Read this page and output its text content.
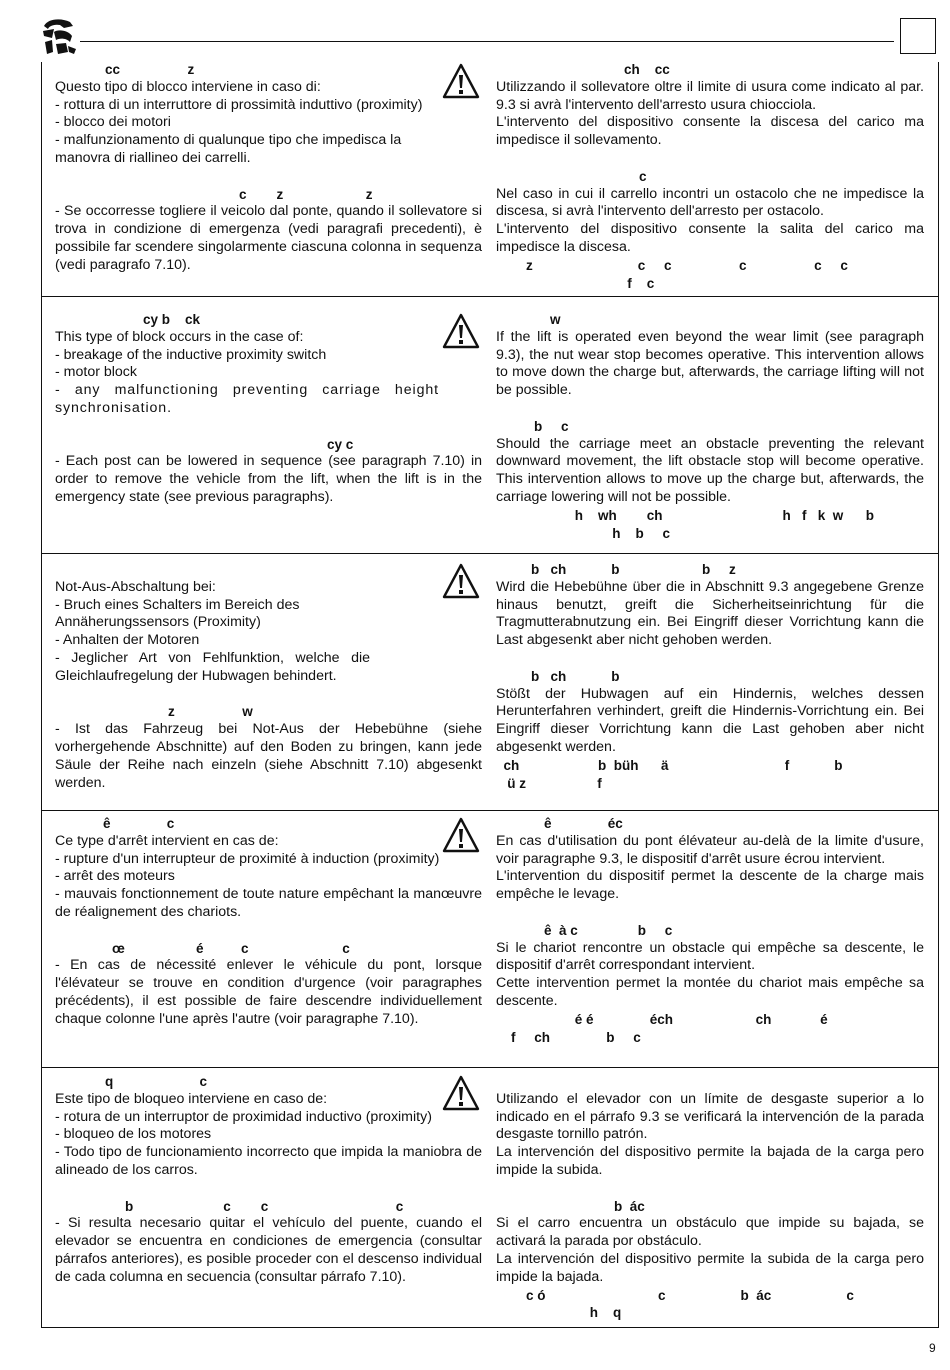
cc                  z

Questo tipo di blocco interviene in caso di:

- rottura di un interruttore di prossimità induttivo (proximity)

- blocco dei motori

- malfunzionamento di qualunque tipo che impedisca la manovra di riallineo dei carrelli.

c        z                      z

- Se occorresse togliere il veicolo dal ponte, quando il sollevatore si trova in condizione di emergenza (vedi paragrafi precedenti), è possibile far scendere singolarmente ciascuna colonna in sequenza (vedi paragrafo 7.10).

ch    cc

Utilizzando il sollevatore oltre il limite di usura come indicato al par. 9.3 si avrà l'intervento dell'arresto usura chiocciola.

L'intervento del dispositivo consente la discesa del carico ma impedisce il sollevamento.

c

Nel caso in cui il carrello incontri un ostacolo che ne impedisce la discesa, si avrà l'intervento dell'arresto per ostacolo.

L'intervento del dispositivo consente la salita del carico ma impedisce la discesa.

z                            c     c                  c                  c     c
f    c
cy b    ck

This type of block occurs in the case of:

- breakage of the inductive proximity switch

- motor block

- any malfunctioning preventing carriage height synchronisation.

cy c

- Each post can be lowered in sequence (see paragraph 7.10) in order to remove the vehicle from the lift, when the lift is in the emergency state (see previous paragraphs).

w

If the lift is operated even beyond the wear limit (see paragraph 9.3), the nut wear stop becomes operative. This intervention allows to move down the charge but, afterwards, the carriage lifting will not be possible.

b     c

Should the carriage meet an obstacle preventing the relevant downward movement, the lift obstacle stop will become operative. This intervention allows to move up the charge but, afterwards, the carriage lowering will not be possible.

h    wh        ch                                h   f   k  w      b
h    b     c

Not-Aus-Abschaltung bei:

- Bruch eines Schalters im Bereich des Annäherungssensors (Proximity)

- Anhalten der Motoren

- Jeglicher Art von Fehlfunktion, welche die Gleichlaufregelung der Hubwagen behindert.

z                  w

- Ist das Fahrzeug bei Not-Aus der Hebebühne (siehe vorhergehende Abschnitte) auf den Boden zu bringen, kann jede Säule der Reihe nach einzeln (siehe Abschnitt 7.10) abgesenkt werden.

b   ch            b                      b     z

Wird die Hebebühne über die in Abschnitt 9.3 angegebene Grenze hinaus benutzt, greift die Sicherheitseinrichtung für die Tragmutterabnutzung ein. Bei Eingriff dieser Vorrichtung kann die Last abgesenkt aber nicht gehoben werden.

b   ch            b

Stößt der Hubwagen auf ein Hindernis, welches dessen Herunterfahren verhindert, greift die Hindernis-Vorrichtung ein. Bei Eingriff dieser Vorrichtung kann die Last gehoben aber nicht abgesenkt werden.

ch                     b  büh      ä                               f            b
ü z                   f
ê               c

Ce type d'arrêt intervient en cas de:

- rupture d'un interrupteur de proximité à induction (proximity)

- arrêt des moteurs

- mauvais fonctionnement de toute nature empêchant la manœuvre de réalignement des chariots.

œ                   é          c                         c

- En cas de nécessité enlever le véhicule du pont, lorsque l'élévateur se trouve en condition d'urgence (voir paragraphes précédents), il est possible de faire descendre individuellement chaque colonne l'une après l'autre (voir paragraphe 7.10).

ê               éc

En cas d'utilisation du pont élévateur au-delà de la limite d'usure, voir paragraphe 9.3, le dispositif d'arrêt usure écrou intervient.

L'intervention du dispositif permet la descente de la charge mais empêche le levage.

ê  à c                b     c

Si le chariot rencontre un obstacle qui empêche sa descente, le dispositif d'arrêt correspondant intervient.

Cette intervention permet la montée du chariot mais empêche sa descente.

é é               éch                      ch             é
f     ch               b     c
q                       c

Este tipo de bloqueo interviene en caso de:

- rotura de un interruptor de proximidad inductivo (proximity)

- bloqueo de los motores

- Todo tipo de funcionamiento incorrecto que impida la maniobra de alineado de los carros.

b                        c        c                                  c

- Si resulta necesario quitar el vehículo del puente, cuando el elevador se encuentra en condiciones de emergencia (consultar párrafos anteriores), es posible proceder con el descenso individual de cada columna en secuencia (consultar párrafo 7.10).

Utilizando el elevador con un límite de desgaste superior a lo indicado en el párrafo 9.3 se verificará la intervención de la parada desgaste tornillo patrón.

La intervención del dispositivo permite la bajada de la carga pero impide la subida.

b  ác

Si el carro encuentra un obstáculo que impide su bajada, se activará la parada por obstáculo.

La intervención del dispositivo permite la subida de la carga pero impide la bajada.

c ó                              c                    b  ác                    c
h    q
9
